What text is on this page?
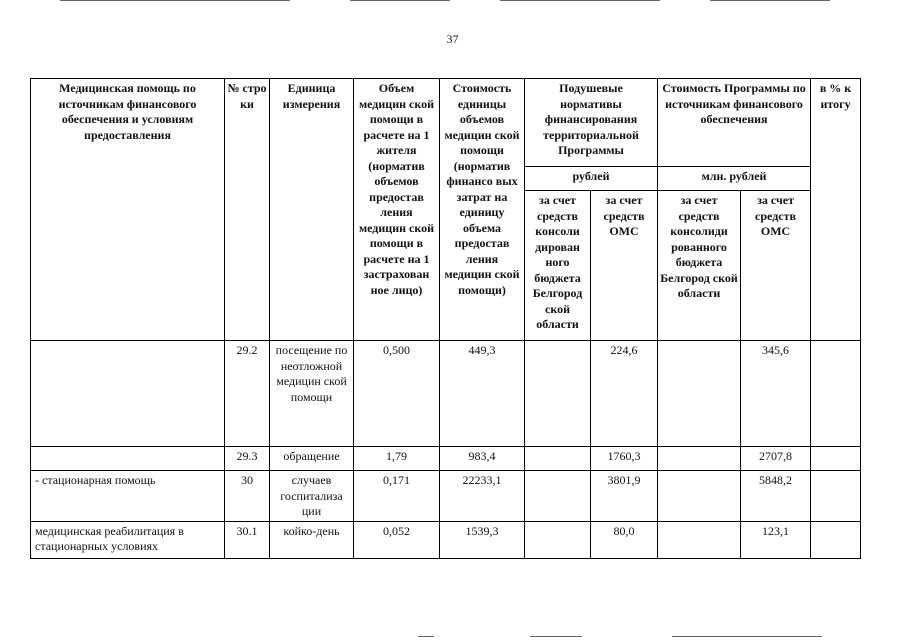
37
Медицинская помощь по источникам финансового обеспечения и условиям предоставления	№ стро ки	Единица измерения	Объем медицин ской помощи в расчете на 1 жителя (норматив объемов предостав ления медицин ской помощи в расчете на 1 застрахован ное лицо)	Стоимость единицы объемов медицин ской помощи (норматив финансо вых затрат на единицу объема предостав ления медицин ской помощи)	Подушевые нормативы финансирования территориальной Программы		Стоимость Программы по источникам финансового обеспечения		в % к итогу
					рублей		млн. рублей		
					за счет средств консоли дирован ного бюджета Белгород ской области	за счет средств ОМС	за счет средств консолиди рованного бюджета Белгород ской области	за счет средств ОМС	
	29.2	посещение по неотложной медицин ской помощи	0,500	449,3		224,6		345,6	
	29.3	обращение	1,79	983,4		1760,3		2707,8	
- стационарная помощь	30	случаев госпитализа ции	0,171	22233,1		3801,9		5848,2	
медицинская реабилитация в стационарных условиях	30.1	койко-день	0,052	1539,3		80,0		123,1	
